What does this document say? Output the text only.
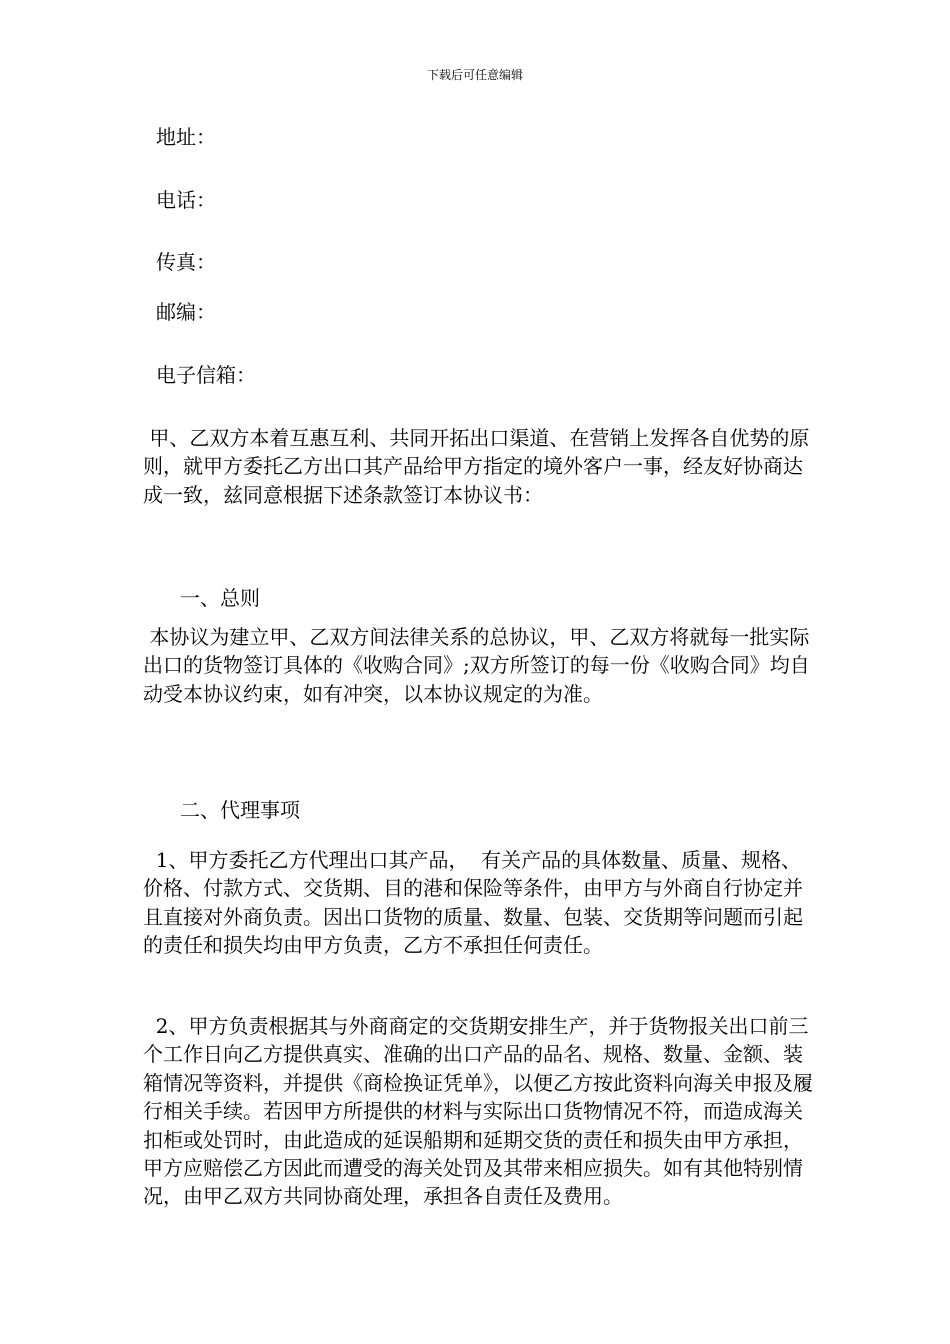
下载后可任意编辑
地址：
电话：
传真：
邮编：
电子信箱：
甲、乙双方本着互惠互利、共同开拓出口渠道、在营销上发挥各自优势的原则，就甲方委托乙方出口其产品给甲方指定的境外客户一事，经友好协商达成一致，兹同意根据下述条款签订本协议书：
一、总则
本协议为建立甲、乙双方间法律关系的总协议，甲、乙双方将就每一批实际出口的货物签订具体的《收购合同》;双方所签订的每一份《收购合同》均自动受本协议约束，如有冲突，以本协议规定的为准。
二、代理事项
1、甲方委托乙方代理出口其产品，  有关产品的具体数量、质量、规格、价格、付款方式、交货期、目的港和保险等条件，由甲方与外商自行协定并且直接对外商负责。因出口货物的质量、数量、包装、交货期等问题而引起的责任和损失均由甲方负责，乙方不承担任何责任。
2、甲方负责根据其与外商商定的交货期安排生产，并于货物报关出口前三个工作日向乙方提供真实、准确的出口产品的品名、规格、数量、金额、装箱情况等资料，并提供《商检换证凭单》，以便乙方按此资料向海关申报及履行相关手续。若因甲方所提供的材料与实际出口货物情况不符，而造成海关扣柜或处罚时，由此造成的延误船期和延期交货的责任和损失由甲方承担，甲方应赔偿乙方因此而遭受的海关处罚及其带来相应损失。如有其他特别情况，由甲乙双方共同协商处理，承担各自责任及费用。
